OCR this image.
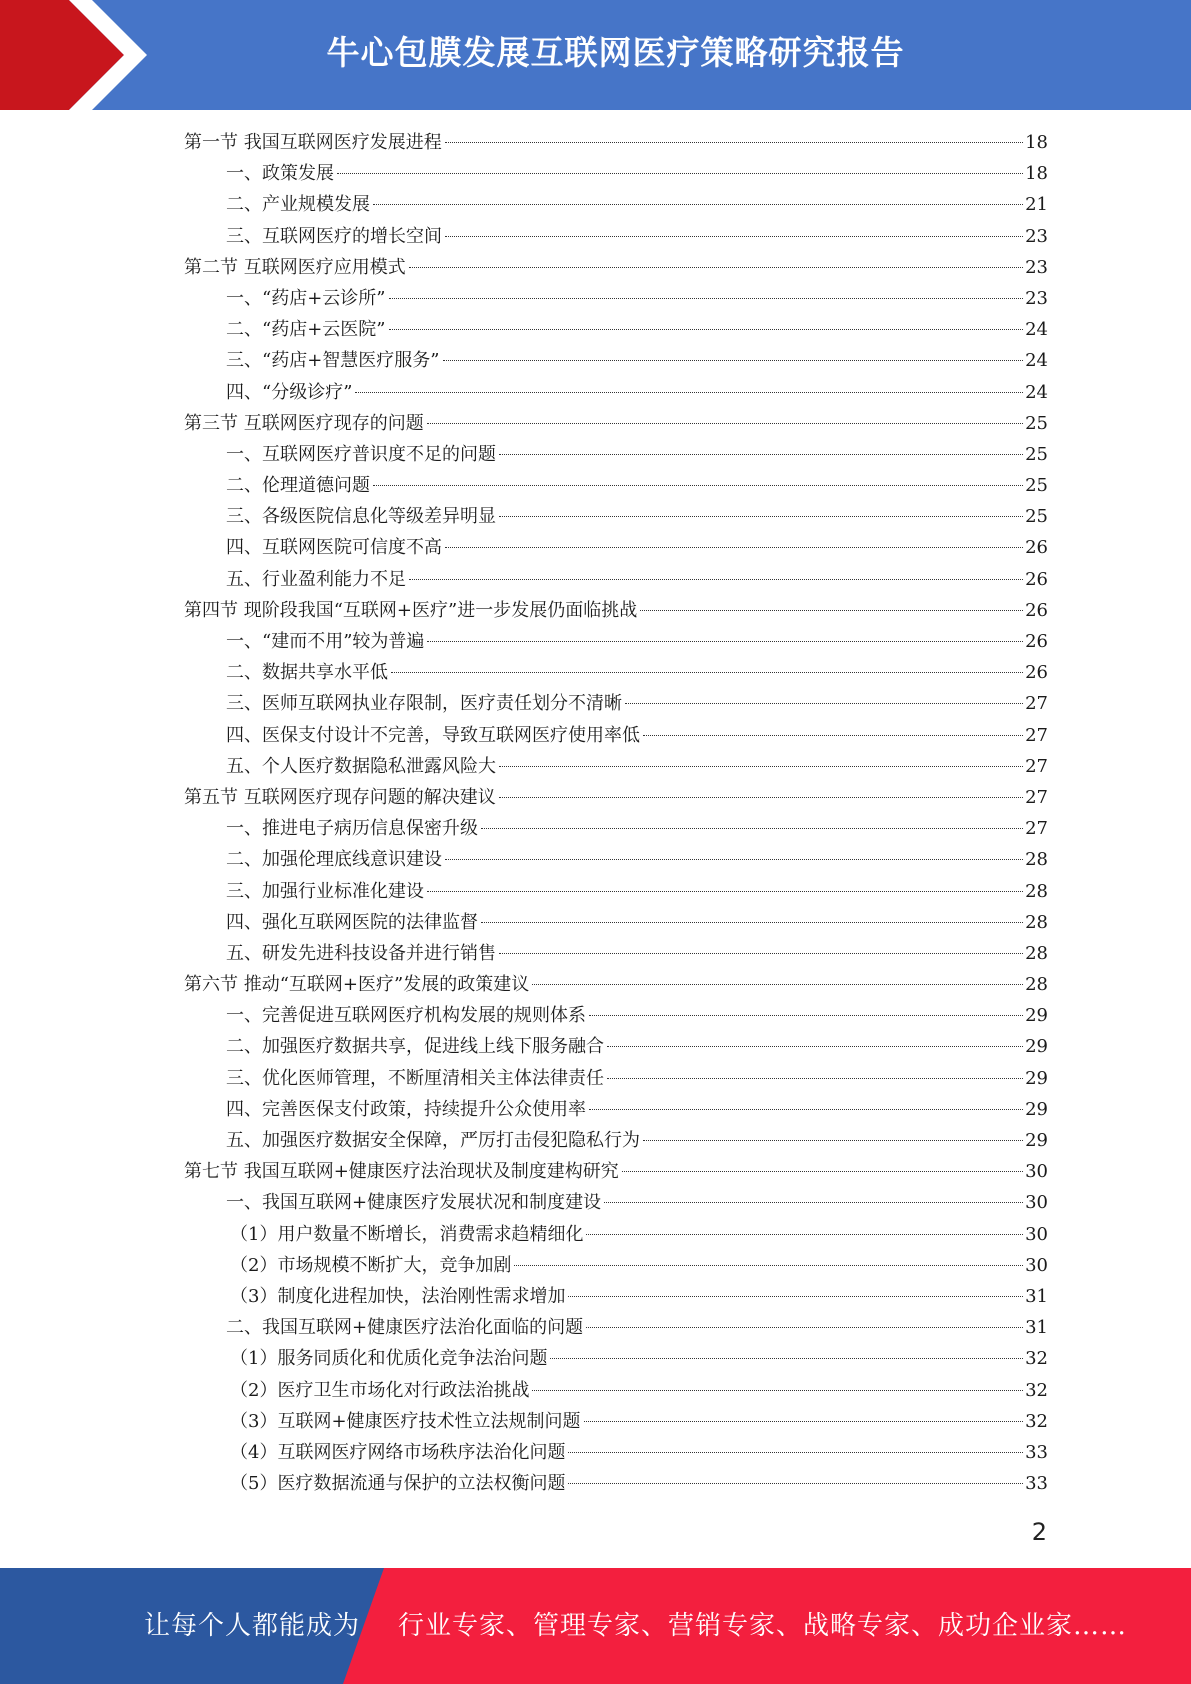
牛心包膜发展互联网医疗策略研究报告
第一节 我国互联网医疗发展进程	18
一、政策发展	18
二、产业规模发展	21
三、互联网医疗的增长空间	23
第二节 互联网医疗应用模式	23
一、“药店+云诊所”	23
二、“药店+云医院”	24
三、“药店+智慧医疗服务”	24
四、“分级诊疗”	24
第三节 互联网医疗现存的问题	25
一、互联网医疗普识度不足的问题	25
二、伦理道德问题	25
三、各级医院信息化等级差异明显	25
四、互联网医院可信度不高	26
五、行业盈利能力不足	26
第四节 现阶段我国“互联网+医疗”进一步发展仍面临挑战	26
一、“建而不用”较为普遍	26
二、数据共享水平低	26
三、医师互联网执业存限制，医疗责任划分不清晰	27
四、医保支付设计不完善，导致互联网医疗使用率低	27
五、个人医疗数据隐私泄露风险大	27
第五节 互联网医疗现存问题的解决建议	27
一、推进电子病历信息保密升级	27
二、加强伦理底线意识建设	28
三、加强行业标准化建设	28
四、强化互联网医院的法律监督	28
五、研发先进科技设备并进行销售	28
第六节 推动“互联网+医疗”发展的政策建议	28
一、完善促进互联网医疗机构发展的规则体系	29
二、加强医疗数据共享，促进线上线下服务融合	29
三、优化医师管理，不断厘清相关主体法律责任	29
四、完善医保支付政策，持续提升公众使用率	29
五、加强医疗数据安全保障，严厉打击侵犯隐私行为	29
第七节 我国互联网+健康医疗法治现状及制度建构研究	30
一、我国互联网+健康医疗发展状况和制度建设	30
（1）用户数量不断增长，消费需求趋精细化	30
（2）市场规模不断扩大，竞争加剧	30
（3）制度化进程加快，法治刚性需求增加	31
二、我国互联网+健康医疗法治化面临的问题	31
（1）服务同质化和优质化竞争法治问题	32
（2）医疗卫生市场化对行政法治挑战	32
（3）互联网+健康医疗技术性立法规制问题	32
（4）互联网医疗网络市场秩序法治化问题	33
（5）医疗数据流通与保护的立法权衡问题	33
2
让每个人都能成为 行业专家、管理专家、营销专家、战略专家、成功企业家……
